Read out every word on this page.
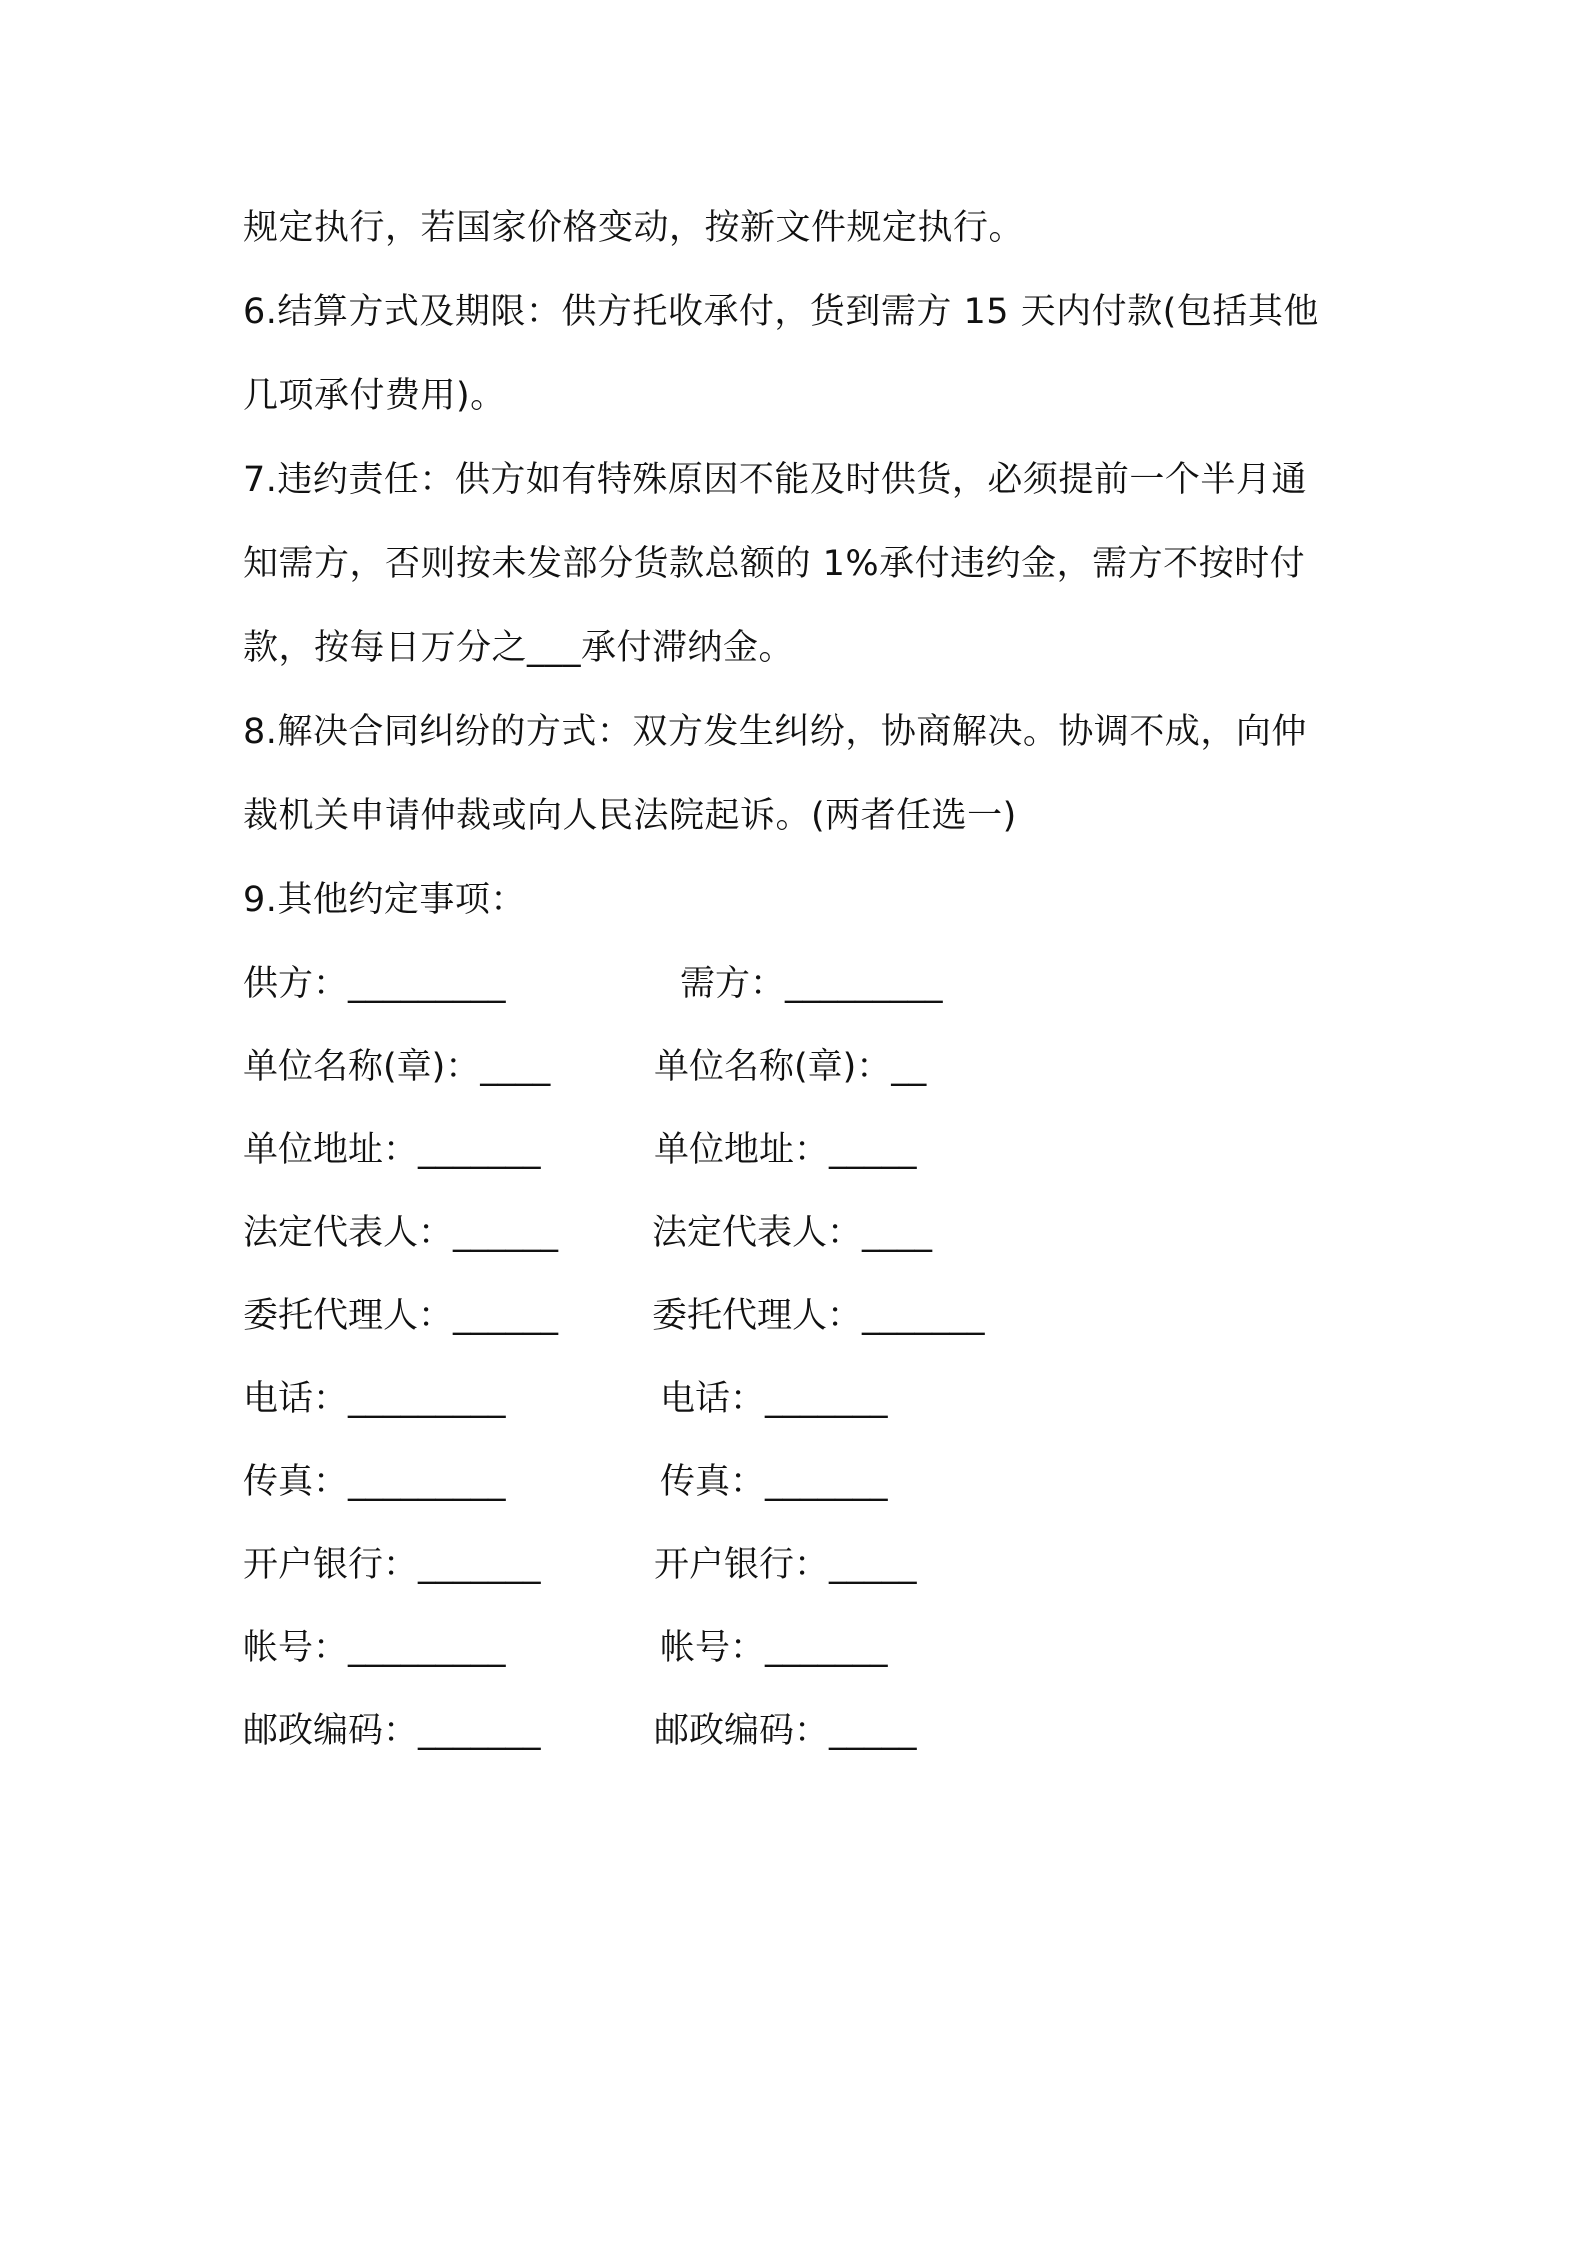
规定执行，若国家价格变动，按新文件规定执行。
6.结算方式及期限：供方托收承付，货到需方 15 天内付款(包括其他
几项承付费用)。
7.违约责任：供方如有特殊原因不能及时供货，必须提前一个半月通
知需方，否则按未发部分货款总额的 1%承付违约金，需方不按时付
款，按每日万分之___承付滞纳金。
8.解决合同纠纷的方式：双方发生纠纷，协商解决。协调不成，向仲
裁机关申请仲裁或向人民法院起诉。(两者任选一)
9.其他约定事项：
供方：_________	需方：_________
单位名称(章)：____	单位名称(章)：__
单位地址：_______	单位地址：_____
法定代表人：______	法定代表人：____
委托代理人：______	委托代理人：_______
电话：_________	电话：_______
传真：_________	传真：_______
开户银行：_______	开户银行：_____
帐号：_________	帐号：_______
邮政编码：_______	邮政编码：_____
